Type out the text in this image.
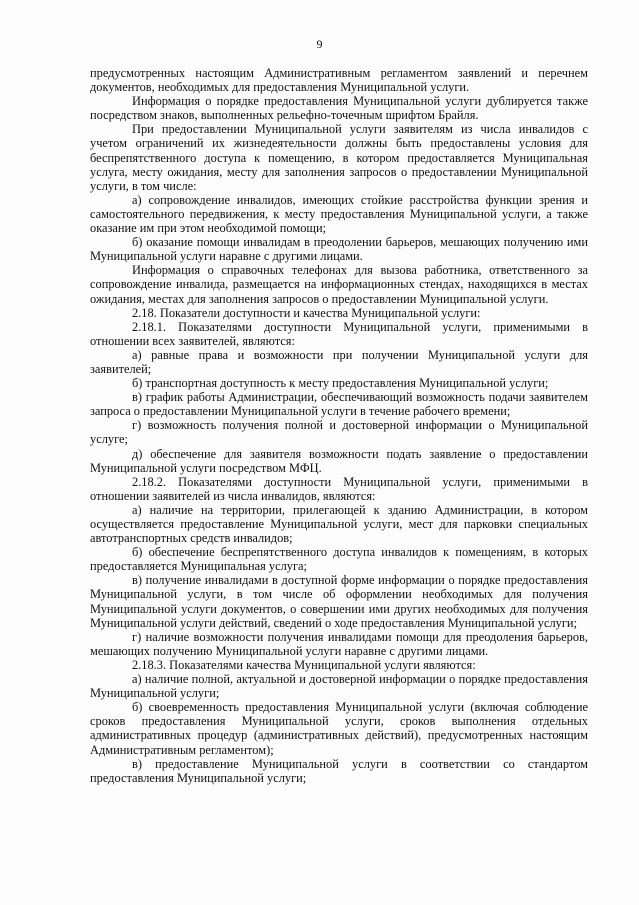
9

предусмотренных настоящим Административным регламентом заявлений и перечнем документов, необходимых для предоставления Муниципальной услуги.

Информация о порядке предоставления Муниципальной услуги дублируется также посредством знаков, выполненных рельефно-точечным шрифтом Брайля.

При предоставлении Муниципальной услуги заявителям из числа инвалидов с учетом ограничений их жизнедеятельности должны быть предоставлены условия для беспрепятственного доступа к помещению, в котором предоставляется Муниципальная услуга, месту ожидания, месту для заполнения запросов о предоставлении Муниципальной услуги, в том числе:

а) сопровождение инвалидов, имеющих стойкие расстройства функции зрения и самостоятельного передвижения, к месту предоставления Муниципальной услуги, а также оказание им при этом необходимой помощи;

б) оказание помощи инвалидам в преодолении барьеров, мешающих получению ими Муниципальной услуги наравне с другими лицами.

Информация о справочных телефонах для вызова работника, ответственного за сопровождение инвалида, размещается на информационных стендах, находящихся в местах ожидания, местах для заполнения запросов о предоставлении Муниципальной услуги.

2.18. Показатели доступности и качества Муниципальной услуги:

2.18.1. Показателями доступности Муниципальной услуги, применимыми в отношении всех заявителей, являются:

а) равные права и возможности при получении Муниципальной услуги для заявителей;

б) транспортная доступность к месту предоставления Муниципальной услуги;

в) график работы Администрации, обеспечивающий возможность подачи заявителем запроса о предоставлении Муниципальной услуги в течение рабочего времени;

г) возможность получения полной и достоверной информации о Муниципальной услуге;

д) обеспечение для заявителя возможности подать заявление о предоставлении Муниципальной услуги посредством МФЦ.

2.18.2. Показателями доступности Муниципальной услуги, применимыми в отношении заявителей из числа инвалидов, являются:

а) наличие на территории, прилегающей к зданию Администрации, в котором осуществляется предоставление Муниципальной услуги, мест для парковки специальных автотранспортных средств инвалидов;

б) обеспечение беспрепятственного доступа инвалидов к помещениям, в которых предоставляется Муниципальная услуга;

в) получение инвалидами в доступной форме информации о порядке предоставления Муниципальной услуги, в том числе об оформлении необходимых для получения Муниципальной услуги документов, о совершении ими других необходимых для получения Муниципальной услуги действий, сведений о ходе предоставления Муниципальной услуги;

г) наличие возможности получения инвалидами помощи для преодоления барьеров, мешающих получению Муниципальной услуги наравне с другими лицами.

2.18.3. Показателями качества Муниципальной услуги являются:

а) наличие полной, актуальной и достоверной информации о порядке предоставления Муниципальной услуги;

б) своевременность предоставления Муниципальной услуги (включая соблюдение сроков предоставления Муниципальной услуги, сроков выполнения отдельных административных процедур (административных действий), предусмотренных настоящим Административным регламентом);

в) предоставление Муниципальной услуги в соответствии со стандартом предоставления Муниципальной услуги;
